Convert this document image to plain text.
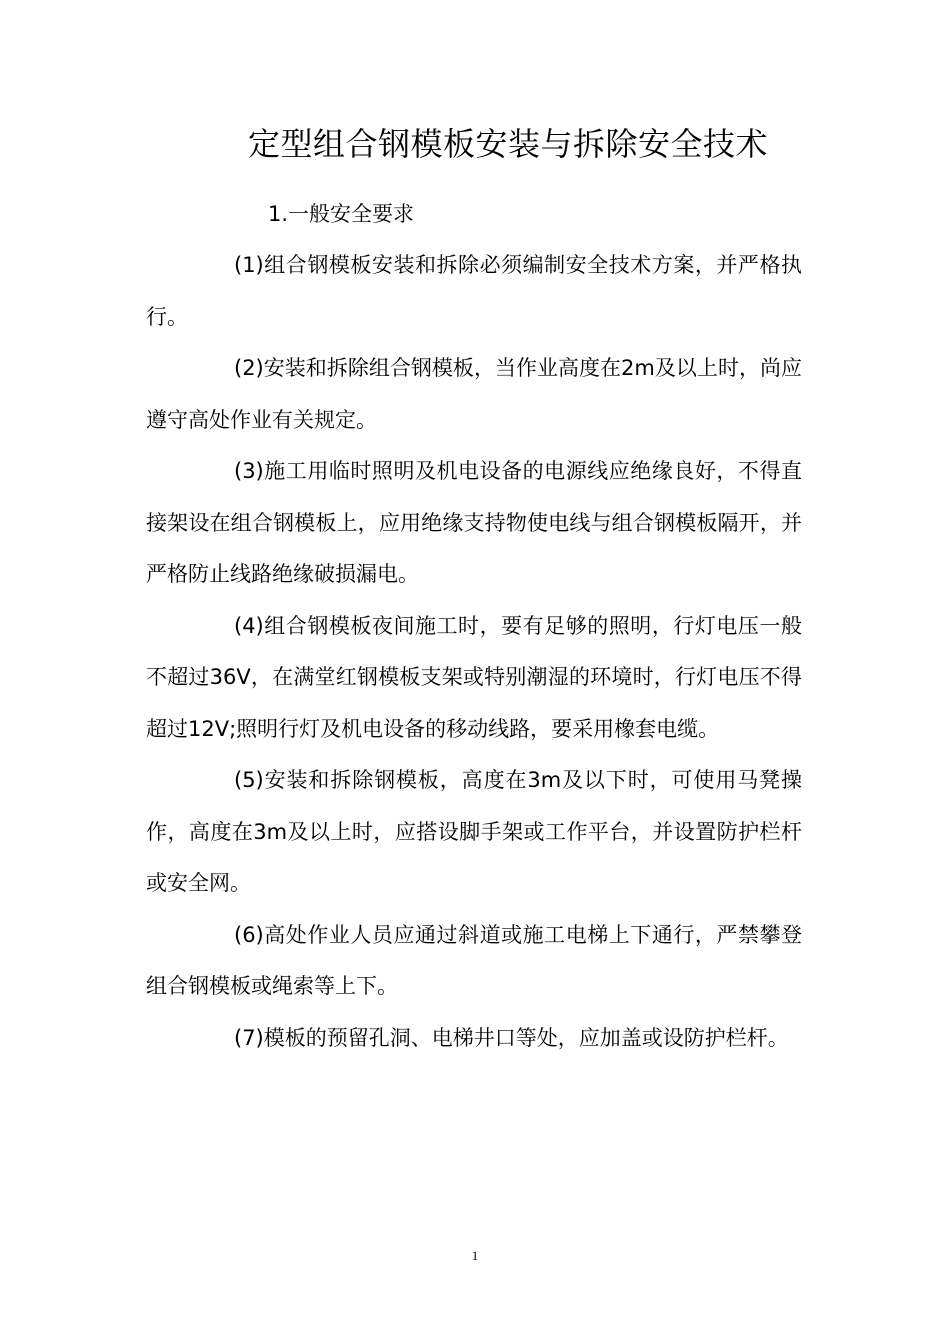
定型组合钢模板安装与拆除安全技术
1.一般安全要求

(1)组合钢模板安装和拆除必须编制安全技术方案，并严格执行。

(2)安装和拆除组合钢模板，当作业高度在2m及以上时，尚应遵守高处作业有关规定。

(3)施工用临时照明及机电设备的电源线应绝缘良好，不得直接架设在组合钢模板上，应用绝缘支持物使电线与组合钢模板隔开，并严格防止线路绝缘破损漏电。

(4)组合钢模板夜间施工时，要有足够的照明，行灯电压一般不超过36V，在满堂红钢模板支架或特别潮湿的环境时，行灯电压不得超过12V;照明行灯及机电设备的移动线路，要采用橡套电缆。

(5)安装和拆除钢模板，高度在3m及以下时，可使用马凳操作，高度在3m及以上时，应搭设脚手架或工作平台，并设置防护栏杆或安全网。

(6)高处作业人员应通过斜道或施工电梯上下通行，严禁攀登组合钢模板或绳索等上下。

(7)模板的预留孔洞、电梯井口等处，应加盖或设防护栏杆。

1
